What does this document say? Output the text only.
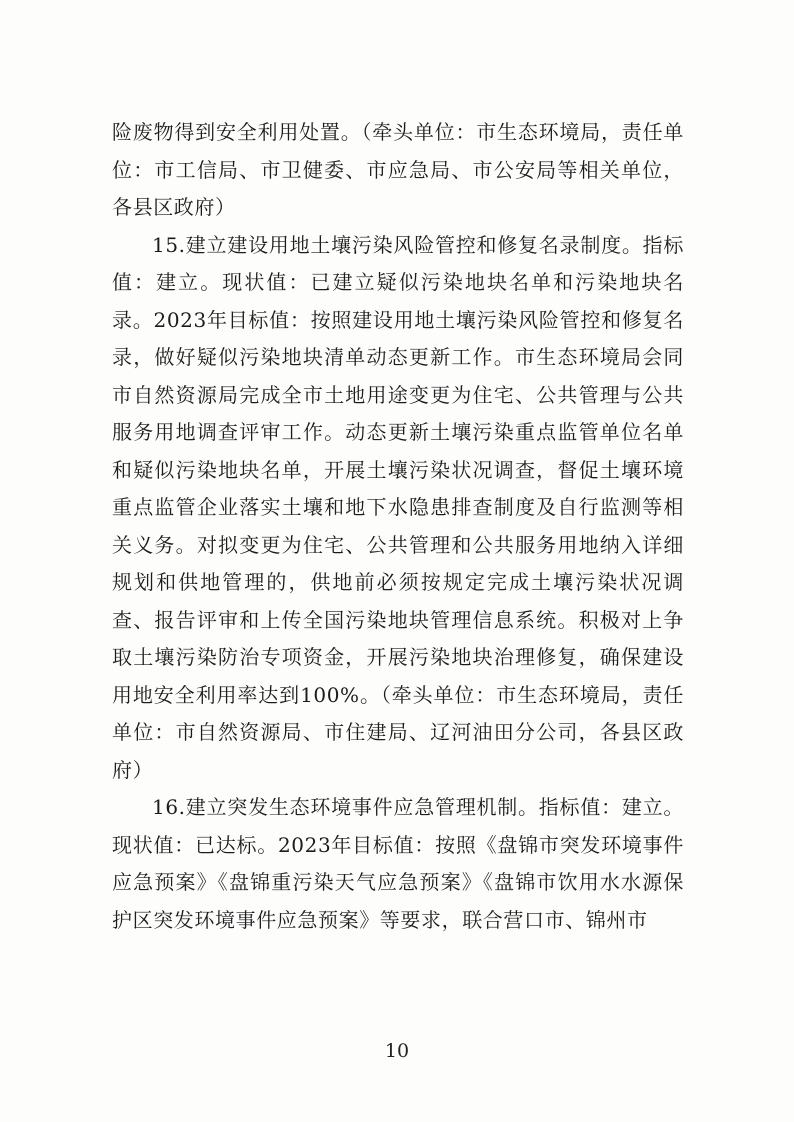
险废物得到安全利用处置。（牵头单位：市生态环境局，责任单位：市工信局、市卫健委、市应急局、市公安局等相关单位，各县区政府）

15.建立建设用地土壤污染风险管控和修复名录制度。指标值：建立。现状值：已建立疑似污染地块名单和污染地块名录。2023年目标值：按照建设用地土壤污染风险管控和修复名录，做好疑似污染地块清单动态更新工作。市生态环境局会同市自然资源局完成全市土地用途变更为住宅、公共管理与公共服务用地调查评审工作。动态更新土壤污染重点监管单位名单和疑似污染地块名单，开展土壤污染状况调查，督促土壤环境重点监管企业落实土壤和地下水隐患排查制度及自行监测等相关义务。对拟变更为住宅、公共管理和公共服务用地纳入详细规划和供地管理的，供地前必须按规定完成土壤污染状况调查、报告评审和上传全国污染地块管理信息系统。积极对上争取土壤污染防治专项资金，开展污染地块治理修复，确保建设用地安全利用率达到100%。（牵头单位：市生态环境局，责任单位：市自然资源局、市住建局、辽河油田分公司，各县区政府）

16.建立突发生态环境事件应急管理机制。指标值：建立。现状值：已达标。2023年目标值：按照《盘锦市突发环境事件应急预案》《盘锦重污染天气应急预案》《盘锦市饮用水水源保护区突发环境事件应急预案》等要求，联合营口市、锦州市

10
